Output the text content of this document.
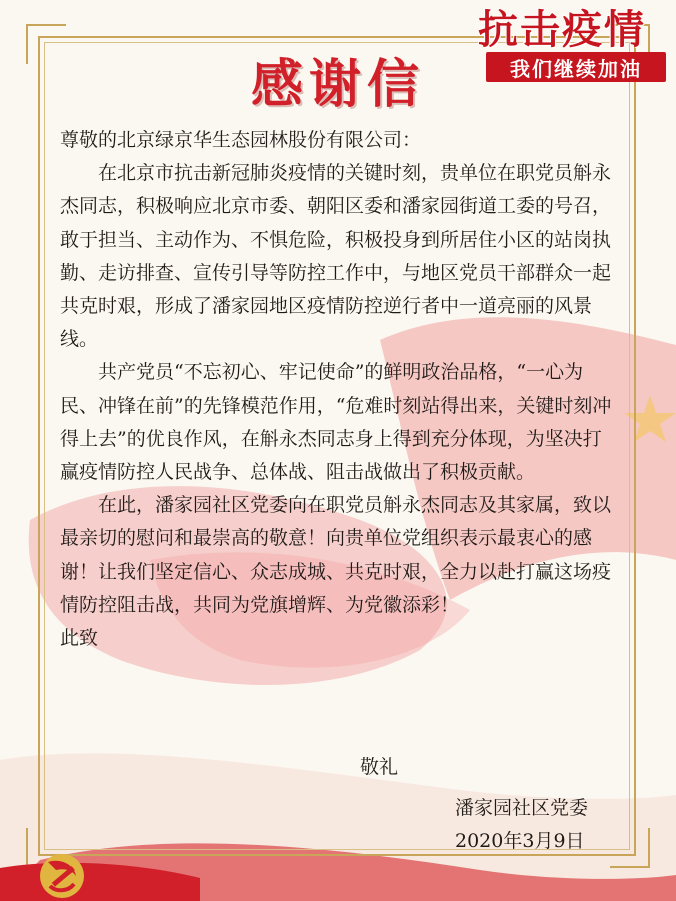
抗击疫情
我们继续加油
感谢信

尊敬的北京绿京华生态园林股份有限公司：

在北京市抗击新冠肺炎疫情的关键时刻，贵单位在职党员斛永杰同志，积极响应北京市委、朝阳区委和潘家园街道工委的号召，敢于担当、主动作为、不惧危险，积极投身到所居住小区的站岗执勤、走访排查、宣传引导等防控工作中，与地区党员干部群众一起共克时艰，形成了潘家园地区疫情防控逆行者中一道亮丽的风景线。

共产党员“不忘初心、牢记使命”的鲜明政治品格，“一心为民、冲锋在前”的先锋模范作用，“危难时刻站得出来，关键时刻冲得上去”的优良作风，在斛永杰同志身上得到充分体现，为坚决打赢疫情防控人民战争、总体战、阻击战做出了积极贡献。

在此，潘家园社区党委向在职党员斛永杰同志及其家属，致以最亲切的慰问和最崇高的敬意！向贵单位党组织表示最衷心的感谢！让我们坚定信心、众志成城、共克时艰，全力以赴打赢这场疫情防控阻击战，共同为党旗增辉、为党徽添彩！

此致

敬礼
潘家园社区党委
2020年3月9日
